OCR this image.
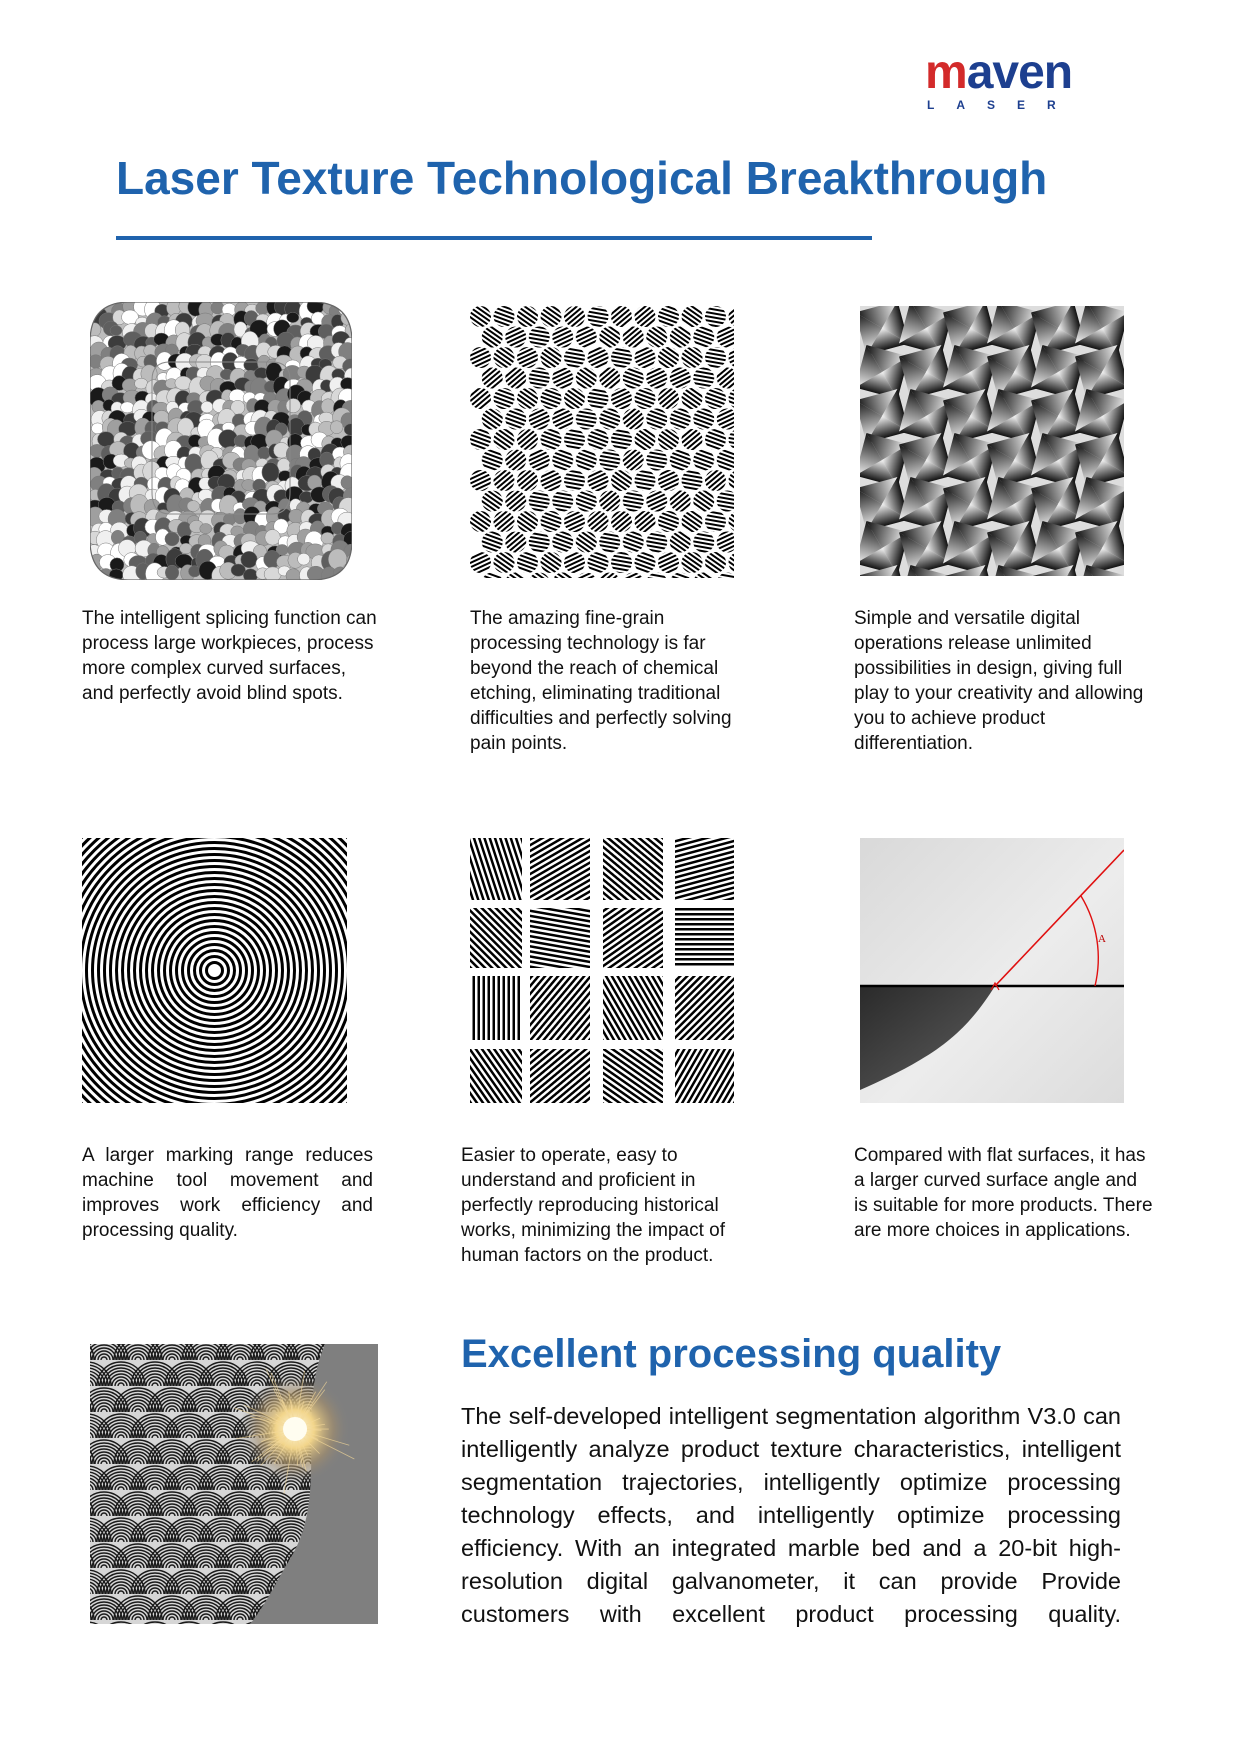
maven
LASER
Laser Texture Technological Breakthrough
The intelligent splicing function can process large workpieces, process more complex curved surfaces, and perfectly avoid blind spots.
The amazing fine-grain processing technology is far beyond the reach of chemical etching, eliminating traditional difficulties and perfectly solving pain points.
Simple and versatile digital operations release unlimited possibilities in design, giving full play to your creativity and allowing you to achieve product differentiation.
A larger marking range reduces machine tool movement and improves work efficiency and processing quality.
Easier to operate, easy to understand and proficient in perfectly reproducing historical works, minimizing the impact of human factors on the product.
A
Compared with flat surfaces, it has a larger curved surface angle and is suitable for more products. There are more choices in applications.
Excellent processing quality
The self-developed intelligent segmentation algorithm V3.0 can intelligently analyze product texture characteristics, intelligent segmentation trajectories, intelligently optimize processing technology effects, and intelligently optimize processing efficiency. With an integrated marble bed and a 20-bit high-resolution digital galvanometer, it can provide Provide customers with excellent product processing quality.
